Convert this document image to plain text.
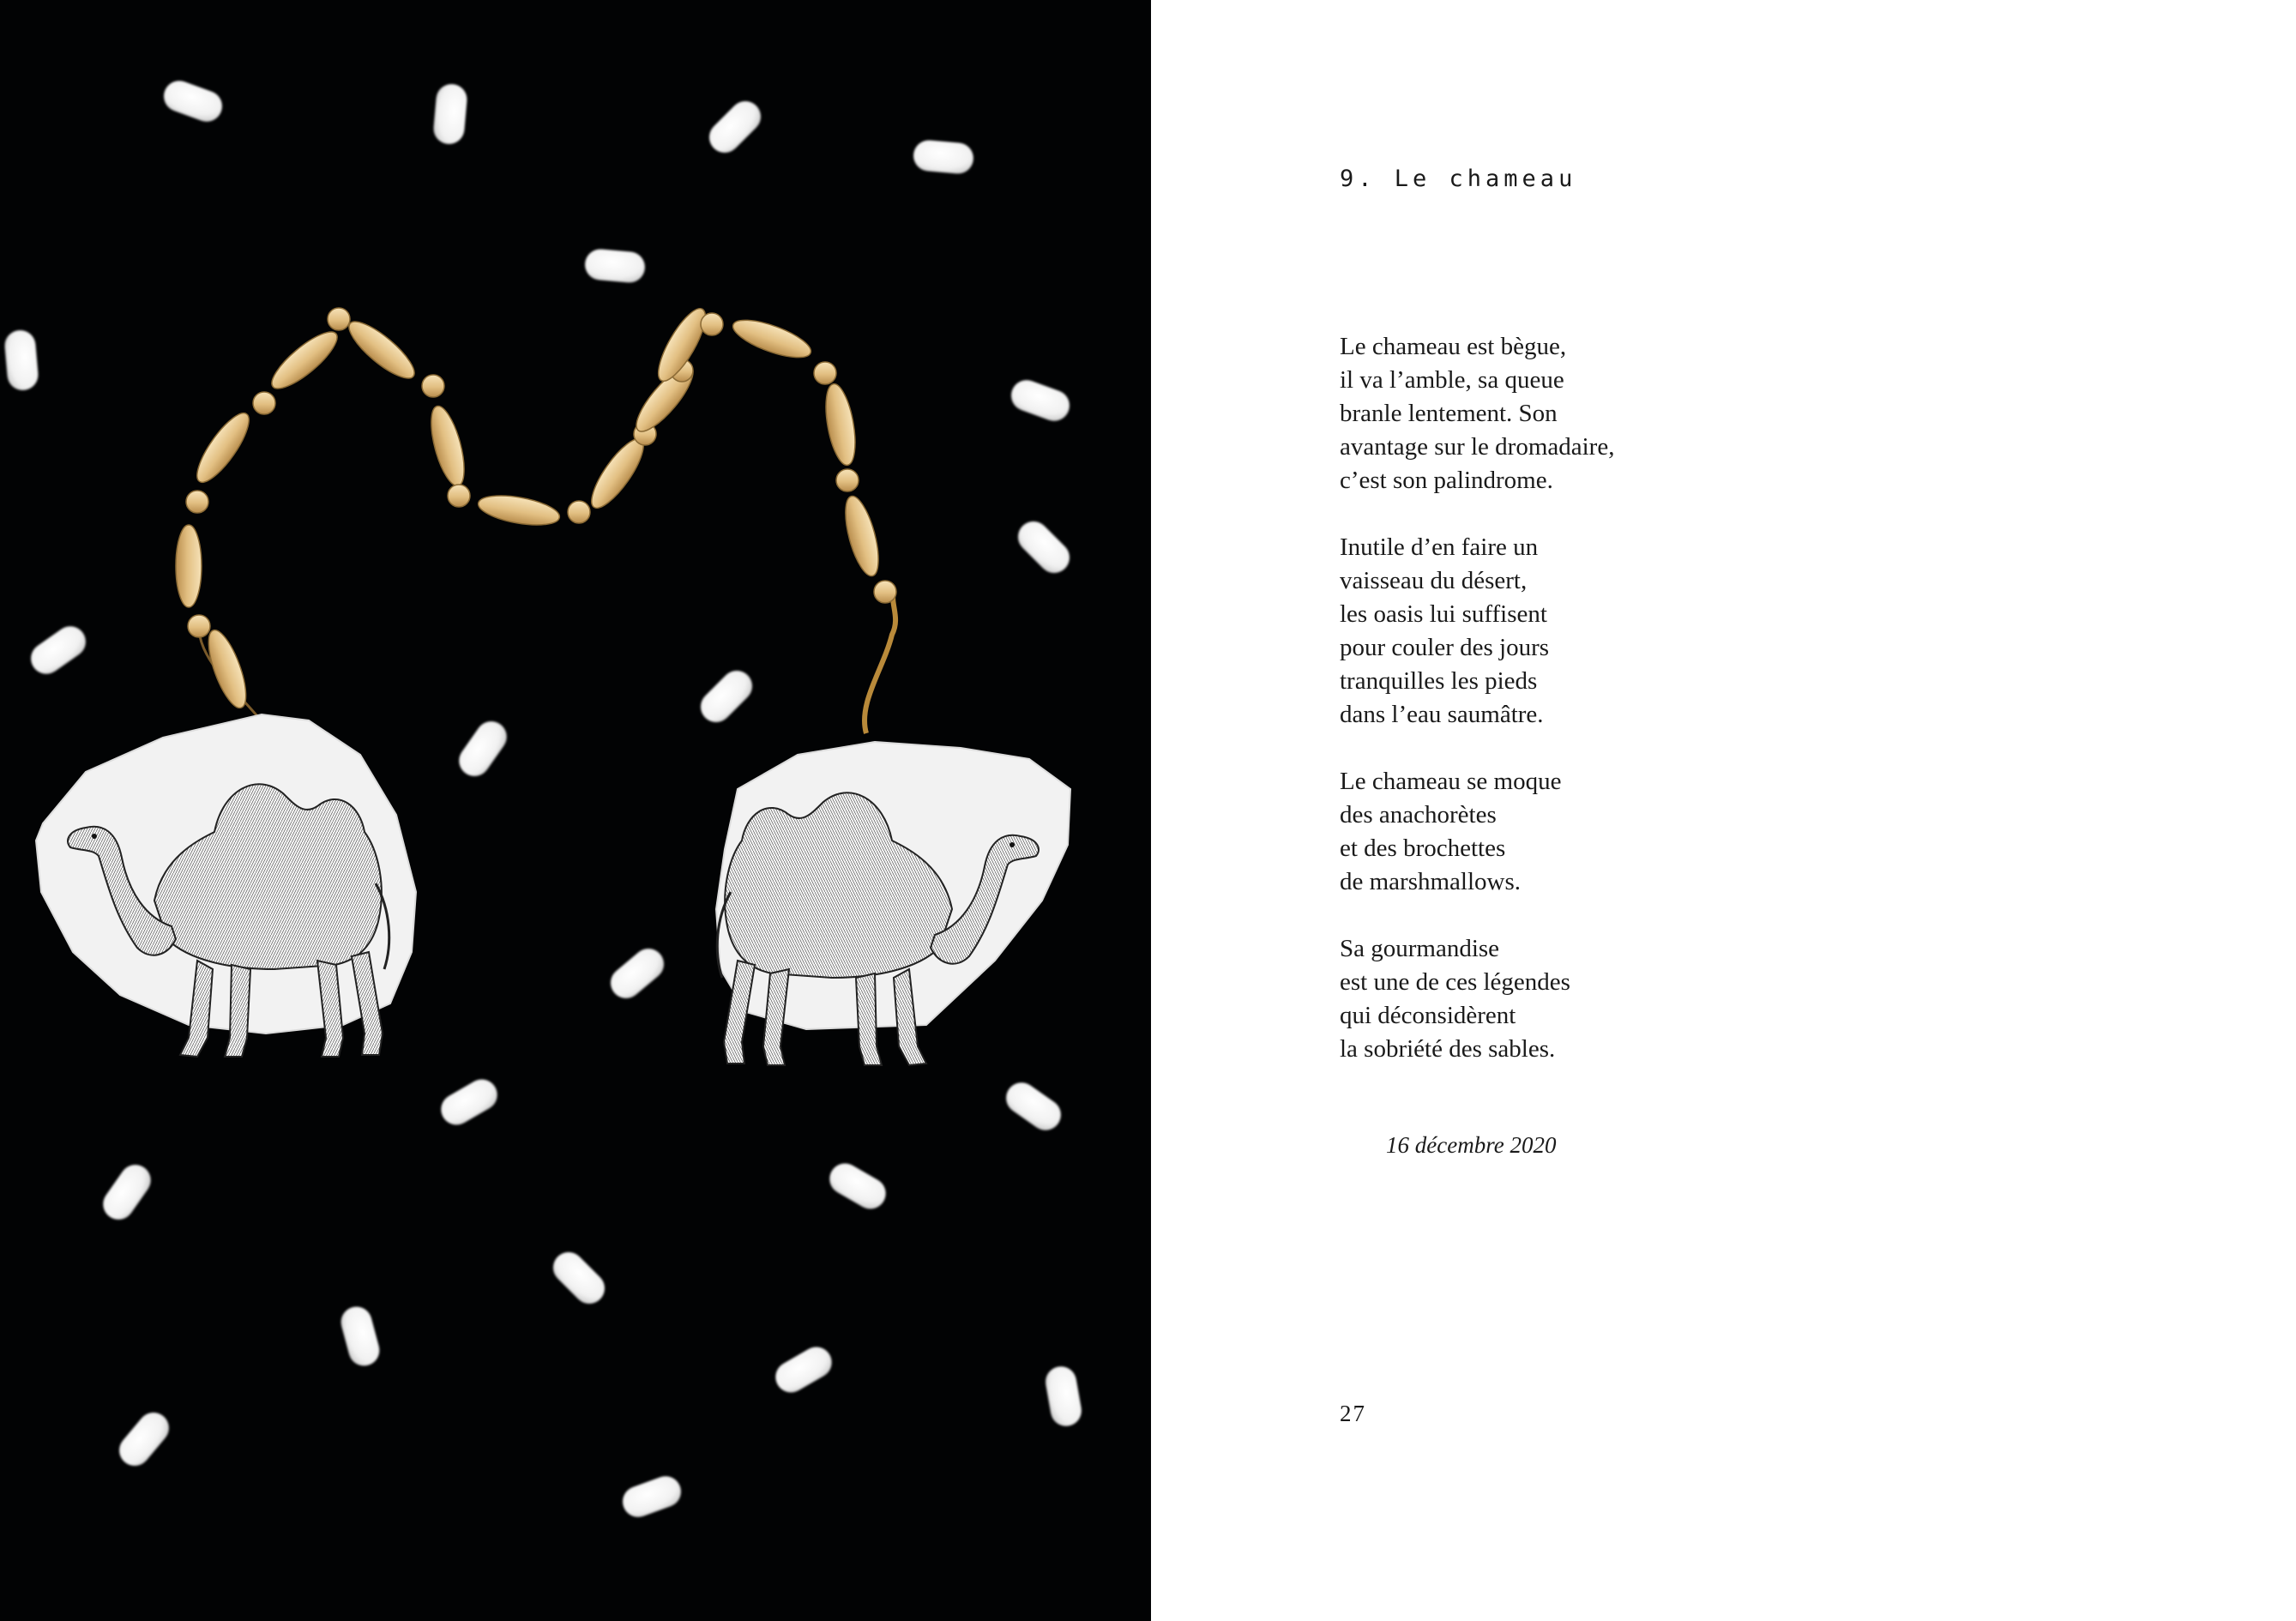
9. Le chameau

Le chameau est bègue,
il va l’amble, sa queue
branle lentement. Son
avantage sur le dromadaire,
c’est son palindrome.

Inutile d’en faire un
vaisseau du désert,
les oasis lui suffisent
pour couler des jours
tranquilles les pieds
dans l’eau saumâtre.

Le chameau se moque
des anachorètes
et des brochettes
de marshmallows.

Sa gourmandise
est une de ces légendes
qui déconsidèrent
la sobriété des sables.

16 décembre 2020
27
